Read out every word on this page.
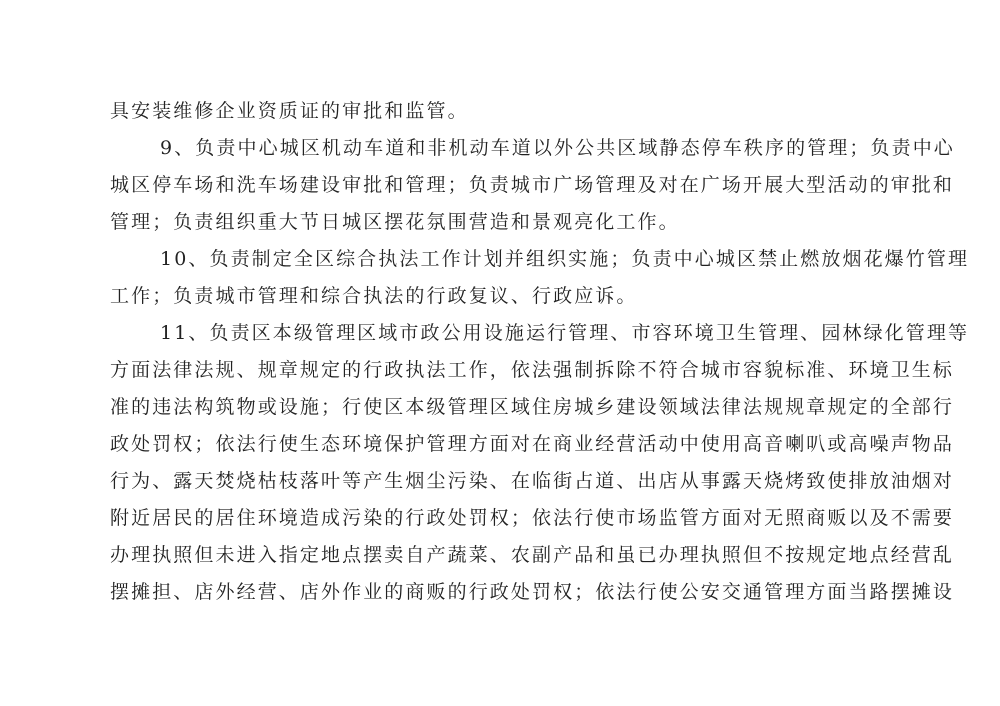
具安装维修企业资质证的审批和监管。
9、负责中心城区机动车道和非机动车道以外公共区域静态停车秩序的管理；负责中心
城区停车场和洗车场建设审批和管理；负责城市广场管理及对在广场开展大型活动的审批和
管理；负责组织重大节日城区摆花氛围营造和景观亮化工作。
10、负责制定全区综合执法工作计划并组织实施；负责中心城区禁止燃放烟花爆竹管理
工作；负责城市管理和综合执法的行政复议、行政应诉。
11、负责区本级管理区域市政公用设施运行管理、市容环境卫生管理、园林绿化管理等
方面法律法规、规章规定的行政执法工作，依法强制拆除不符合城市容貌标准、环境卫生标
准的违法构筑物或设施；行使区本级管理区域住房城乡建设领域法律法规规章规定的全部行
政处罚权；依法行使生态环境保护管理方面对在商业经营活动中使用高音喇叭或高噪声物品
行为、露天焚烧枯枝落叶等产生烟尘污染、在临街占道、出店从事露天烧烤致使排放油烟对
附近居民的居住环境造成污染的行政处罚权；依法行使市场监管方面对无照商贩以及不需要
办理执照但未进入指定地点摆卖自产蔬菜、农副产品和虽已办理执照但不按规定地点经营乱
摆摊担、店外经营、店外作业的商贩的行政处罚权；依法行使公安交通管理方面当路摆摊设
